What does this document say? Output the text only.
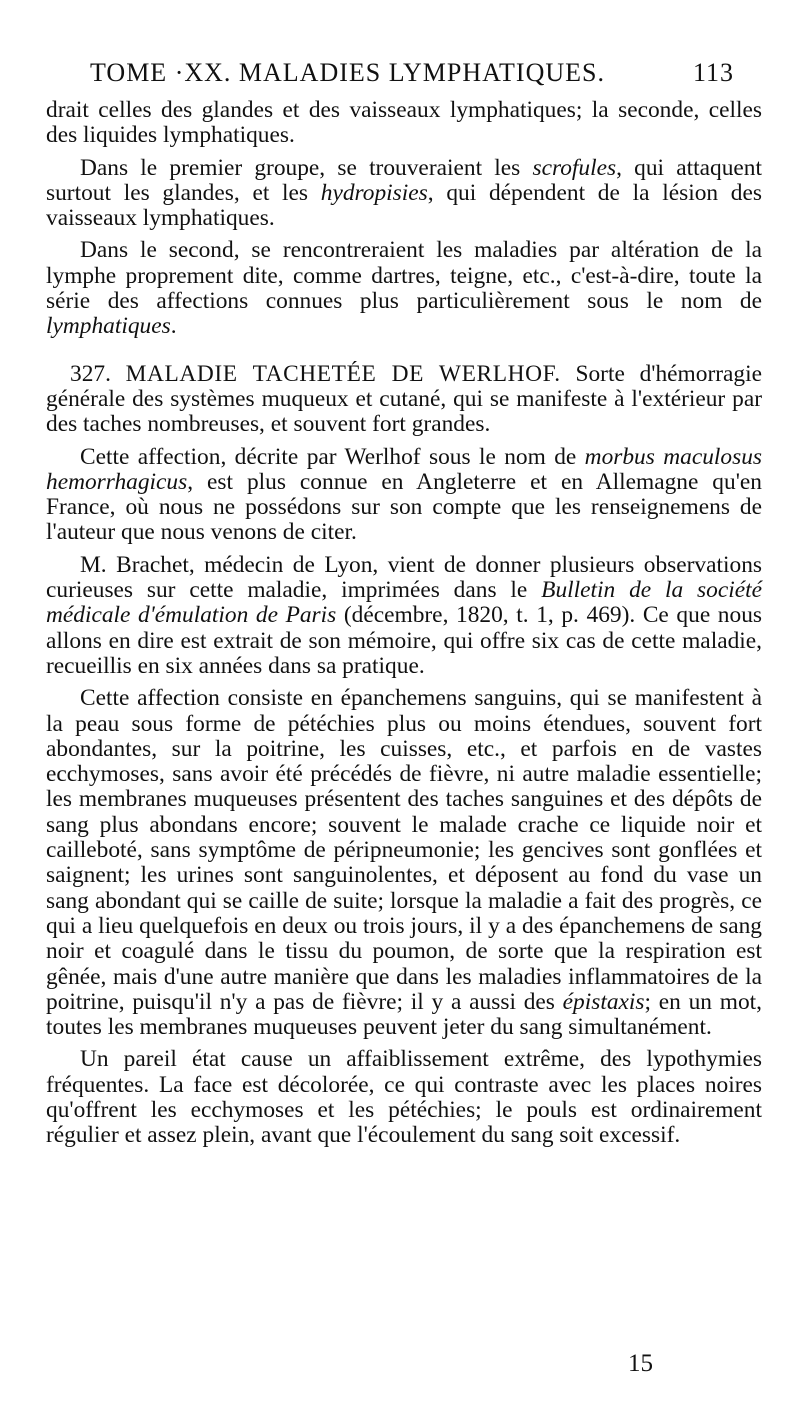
TOME ·XX. MALADIES LYMPHATIQUES.	113

drait celles des glandes et des vaisseaux lymphatiques; la seconde, celles des liquides lymphatiques.

Dans le premier groupe, se trouveraient les scrofules, qui attaquent surtout les glandes, et les hydropisies, qui dépendent de la lésion des vaisseaux lymphatiques.

Dans le second, se rencontreraient les maladies par altération de la lymphe proprement dite, comme dartres, teigne, etc., c'est-à-dire, toute la série des affections connues plus particulièrement sous le nom de lymphatiques.

327. MALADIE TACHETÉE DE WERLHOF. Sorte d'hémorragie générale des systèmes muqueux et cutané, qui se manifeste à l'extérieur par des taches nombreuses, et souvent fort grandes.

Cette affection, décrite par Werlhof sous le nom de morbus maculosus hemorrhagicus, est plus connue en Angleterre et en Allemagne qu'en France, où nous ne possédons sur son compte que les renseignemens de l'auteur que nous venons de citer.

M. Brachet, médecin de Lyon, vient de donner plusieurs observations curieuses sur cette maladie, imprimées dans le Bulletin de la société médicale d'émulation de Paris (décembre, 1820, t. 1, p. 469). Ce que nous allons en dire est extrait de son mémoire, qui offre six cas de cette maladie, recueillis en six années dans sa pratique.

Cette affection consiste en épanchemens sanguins, qui se manifestent à la peau sous forme de pétéchies plus ou moins étendues, souvent fort abondantes, sur la poitrine, les cuisses, etc., et parfois en de vastes ecchymoses, sans avoir été précédés de fièvre, ni autre maladie essentielle; les membranes muqueuses présentent des taches sanguines et des dépôts de sang plus abondans encore; souvent le malade crache ce liquide noir et caillebоté, sans symptôme de péripneumonie; les gencives sont gonflées et saignent; les urines sont sanguinolentes, et déposent au fond du vase un sang abondant qui se caille de suite; lorsque la maladie a fait des progrès, ce qui a lieu quelquefois en deux ou trois jours, il y a des épanchemens de sang noir et coagulé dans le tissu du poumon, de sorte que la respiration est gênée, mais d'une autre manière que dans les maladies inflammatoires de la poitrine, puisqu'il n'y a pas de fièvre; il y a aussi des épistaxis; en un mot, toutes les membranes muqueuses peuvent jeter du sang simultanément.

Un pareil état cause un affaiblissement extrême, des lypothymies fréquentes. La face est décolorée, ce qui contraste avec les places noires qu'offrent les ecchymoses et les pétéchies; le pouls est ordinairement régulier et assez plein, avant que l'écoulement du sang soit excessif.

15
